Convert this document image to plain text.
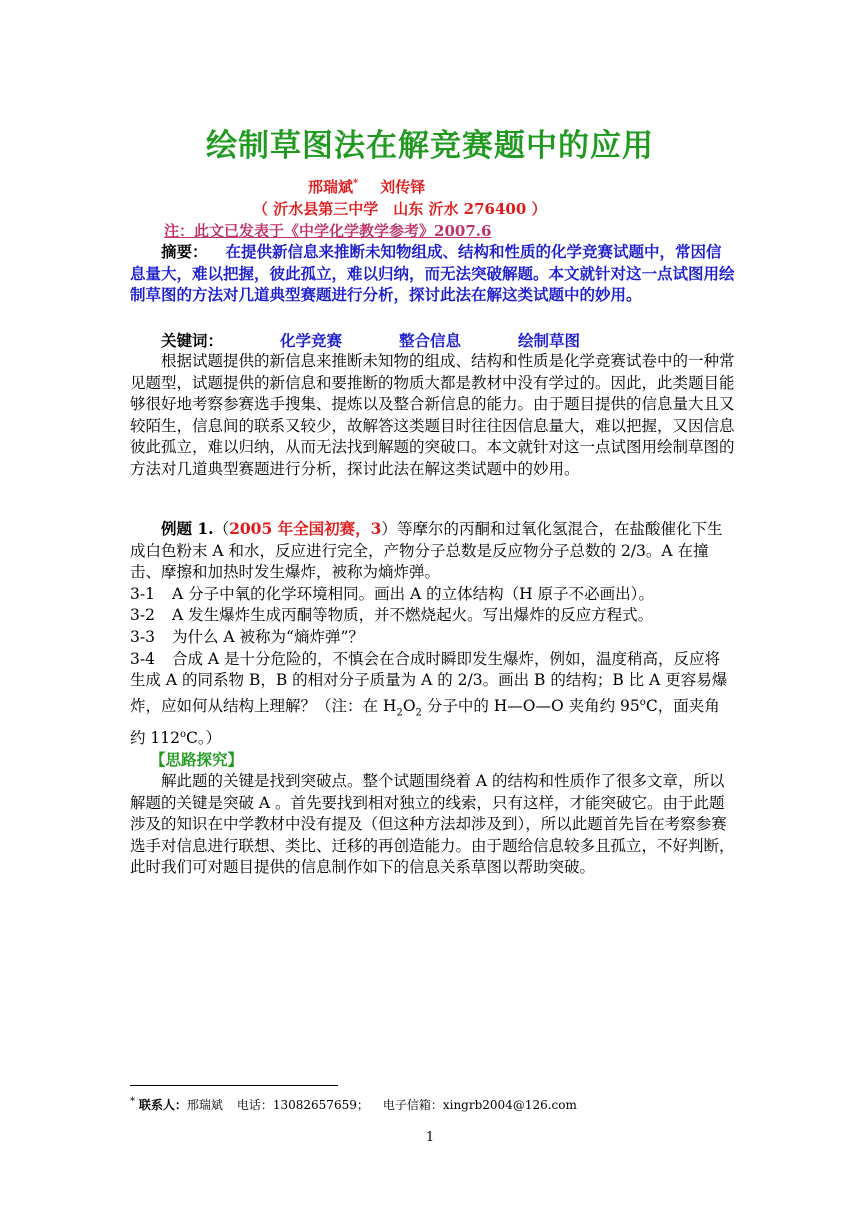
绘制草图法在解竞赛题中的应用
邢瑞斌* 刘传铎
（ 沂水县第三中学　山东 沂水 276400 ）
注：此文已发表于《中学化学教学参考》2007.6
摘要： 在提供新信息来推断未知物组成、结构和性质的化学竞赛试题中，常因信息量大，难以把握，彼此孤立，难以归纳，而无法突破解题。本文就针对这一点试图用绘制草图的方法对几道典型赛题进行分析，探讨此法在解这类试题中的妙用。
关键词：	化学竞赛	整合信息	绘制草图
根据试题提供的新信息来推断未知物的组成、结构和性质是化学竞赛试卷中的一种常见题型，试题提供的新信息和要推断的物质大都是教材中没有学过的。因此，此类题目能够很好地考察参赛选手搜集、提炼以及整合新信息的能力。由于题目提供的信息量大且又较陌生，信息间的联系又较少，故解答这类题目时往往因信息量大，难以把握，又因信息彼此孤立，难以归纳，从而无法找到解题的突破口。本文就针对这一点试图用绘制草图的方法对几道典型赛题进行分析，探讨此法在解这类试题中的妙用。
例题 1.（2005 年全国初赛，3）等摩尔的丙酮和过氧化氢混合，在盐酸催化下生成白色粉末 A 和水，反应进行完全，产物分子总数是反应物分子总数的 2/3。A 在撞击、摩擦和加热时发生爆炸，被称为熵炸弹。
3-1 A 分子中氧的化学环境相同。画出 A 的立体结构（H 原子不必画出）。
3-2 A 发生爆炸生成丙酮等物质，并不燃烧起火。写出爆炸的反应方程式。
3-3 为什么 A 被称为“熵炸弹”？
3-4 合成 A 是十分危险的，不慎会在合成时瞬即发生爆炸，例如，温度稍高，反应将生成 A 的同系物 B，B 的相对分子质量为 A 的 2/3。画出 B 的结构；B 比 A 更容易爆炸，应如何从结构上理解？（注：在 $H_2O_2$ 分子中的 H—O—O 夹角约 95$^o$C，面夹角约 112$^o$C。）
【思路探究】
解此题的关键是找到突破点。整个试题围绕着 A 的结构和性质作了很多文章，所以解题的关键是突破 A 。首先要找到相对独立的线索，只有这样，才能突破它。由于此题涉及的知识在中学教材中没有提及（但这种方法却涉及到），所以此题首先旨在考察参赛选手对信息进行联想、类比、迁移的再创造能力。由于题给信息较多且孤立，不好判断，此时我们可对题目提供的信息制作如下的信息关系草图以帮助突破。
* 联系人：邢瑞斌 电话：13082657659； 电子信箱：xingrb2004@126.com
1
